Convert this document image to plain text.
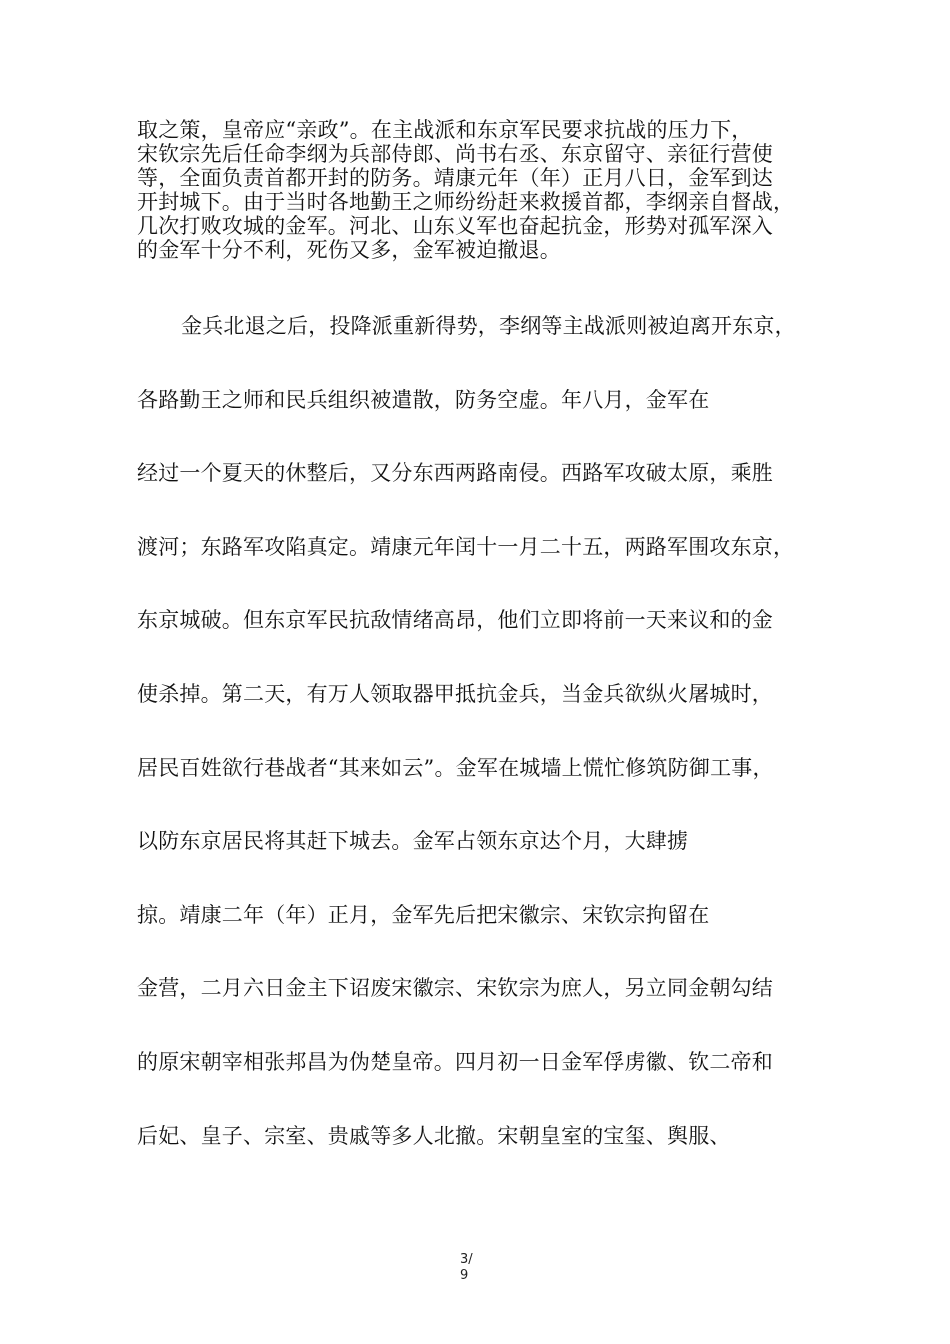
取之策，皇帝应“亲政”。在主战派和东京军民要求抗战的压力下，
宋钦宗先后任命李纲为兵部侍郎、尚书右丞、东京留守、亲征行营使
等，全面负责首都开封的防务。靖康元年（年）正月八日，金军到达
开封城下。由于当时各地勤王之师纷纷赶来救援首都，李纲亲自督战，
几次打败攻城的金军。河北、山东义军也奋起抗金，形势对孤军深入
的金军十分不利，死伤又多，金军被迫撤退。
金兵北退之后，投降派重新得势，李纲等主战派则被迫离开东京，
各路勤王之师和民兵组织被遣散，防务空虚。年八月，金军在
经过一个夏天的休整后，又分东西两路南侵。西路军攻破太原，乘胜
渡河；东路军攻陷真定。靖康元年闰十一月二十五，两路军围攻东京，
东京城破。但东京军民抗敌情绪高昂，他们立即将前一天来议和的金
使杀掉。第二天，有万人领取器甲抵抗金兵，当金兵欲纵火屠城时，
居民百姓欲行巷战者“其来如云”。金军在城墙上慌忙修筑防御工事，
以防东京居民将其赶下城去。金军占领东京达个月，大肆掳
掠。靖康二年（年）正月，金军先后把宋徽宗、宋钦宗拘留在
金营，二月六日金主下诏废宋徽宗、宋钦宗为庶人，另立同金朝勾结
的原宋朝宰相张邦昌为伪楚皇帝。四月初一日金军俘虏徽、钦二帝和
后妃、皇子、宗室、贵戚等多人北撤。宋朝皇室的宝玺、舆服、
3/
9
